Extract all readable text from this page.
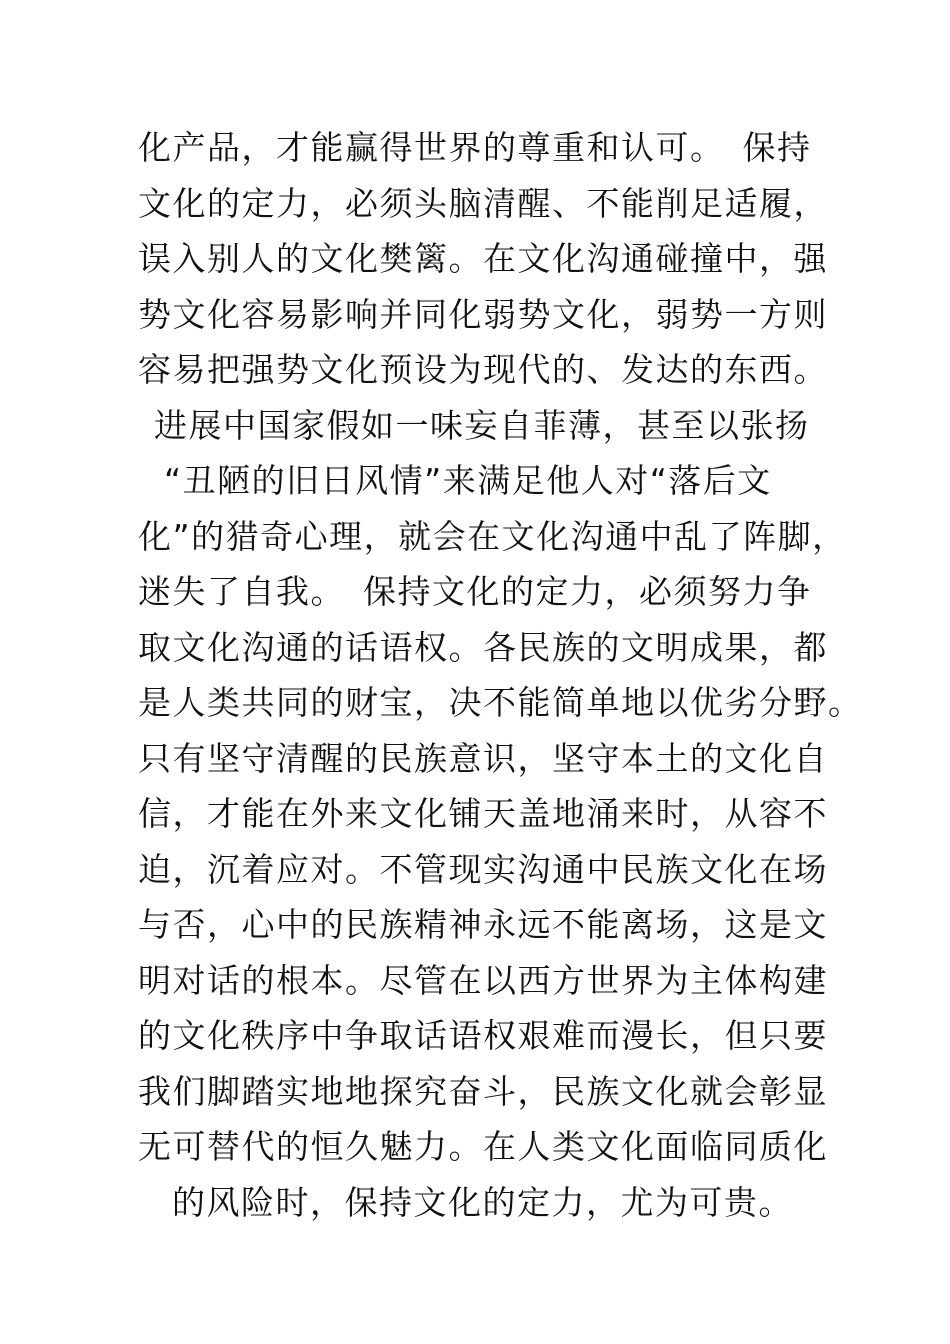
化产品，才能赢得世界的尊重和认可。　保持
文化的定力，必须头脑清醒、不能削足适履，
误入别人的文化樊篱。在文化沟通碰撞中，强
势文化容易影响并同化弱势文化，弱势一方则
容易把强势文化预设为现代的、发达的东西。
进展中国家假如一味妄自菲薄，甚至以张扬
“丑陋的旧日风情”来满足他人对“落后文
化”的猎奇心理，就会在文化沟通中乱了阵脚，
迷失了自我。　保持文化的定力，必须努力争
取文化沟通的话语权。各民族的文明成果，都
是人类共同的财宝，决不能简单地以优劣分野。
只有坚守清醒的民族意识，坚守本土的文化自
信，才能在外来文化铺天盖地涌来时，从容不
迫，沉着应对。不管现实沟通中民族文化在场
与否，心中的民族精神永远不能离场，这是文
明对话的根本。尽管在以西方世界为主体构建
的文化秩序中争取话语权艰难而漫长，但只要
我们脚踏实地地探究奋斗，民族文化就会彰显
无可替代的恒久魅力。在人类文化面临同质化
的风险时，保持文化的定力，尤为可贵。
